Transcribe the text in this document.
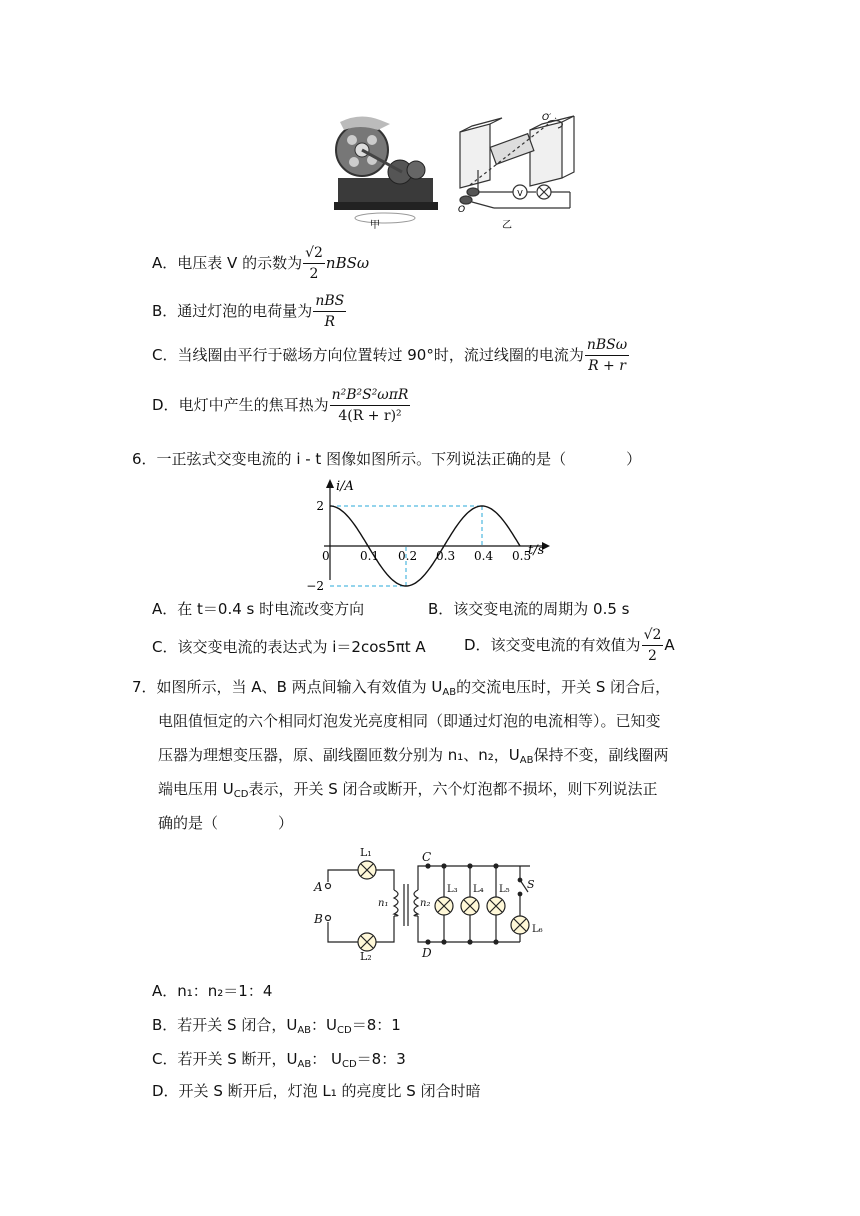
甲
V
O′
O
乙
A．电压表 V 的示数为 $\frac{√2}{2}$ nBSω
B．通过灯泡的电荷量为 $\frac{\text{nBS}}{R}$
C．当线圈由平行于磁场方向位置转过 90°时，流过线圈的电流为 $\frac{\text{nBSω}}{R + r}$
D．电灯中产生的焦耳热为 $\frac{\text{n²B²S²ωπR}}{\text{4(R + r)²}}$
6．一正弦式交变电流的 i - t 图像如图所示。下列说法正确的是（　　　　）
i/A
t/s
0	0.1 0.2 0.3 0.4 0.5
2
−2
A．在 t＝0.4 s 时电流改变方向	B．该交变电流的周期为 0.5 s
C．该交变电流的表达式为 i＝2cos5πt A	D．该交变电流的有效值为 $\frac{√2}{2}$ A
7．如图所示，当 A、B 两点间输入有效值为 $U_{AB}$的交流电压时，开关 S 闭合后，
电阻值恒定的六个相同灯泡发光亮度相同（即通过灯泡的电流相等）。已知变
压器为理想变压器，原、副线圈匝数分别为 n₁、n₂，$U_{AB}$保持不变，副线圈两
端电压用 $U_{CD}$表示，开关 S 闭合或断开，六个灯泡都不损坏，则下列说法正
确的是（　　　　）
A
B
C
D
L₁
L₂
L₃ L₄ L₅
L₆
S
n₁	n₂
A．n₁：n₂＝1：4
B．若开关 S 闭合，$U_{AB}$：$U_{CD}=8$：1
C．若开关 S 断开，$U_{AB}$： $U_{CD}=8$：3
D．开关 S 断开后，灯泡 L₁ 的亮度比 S 闭合时暗
